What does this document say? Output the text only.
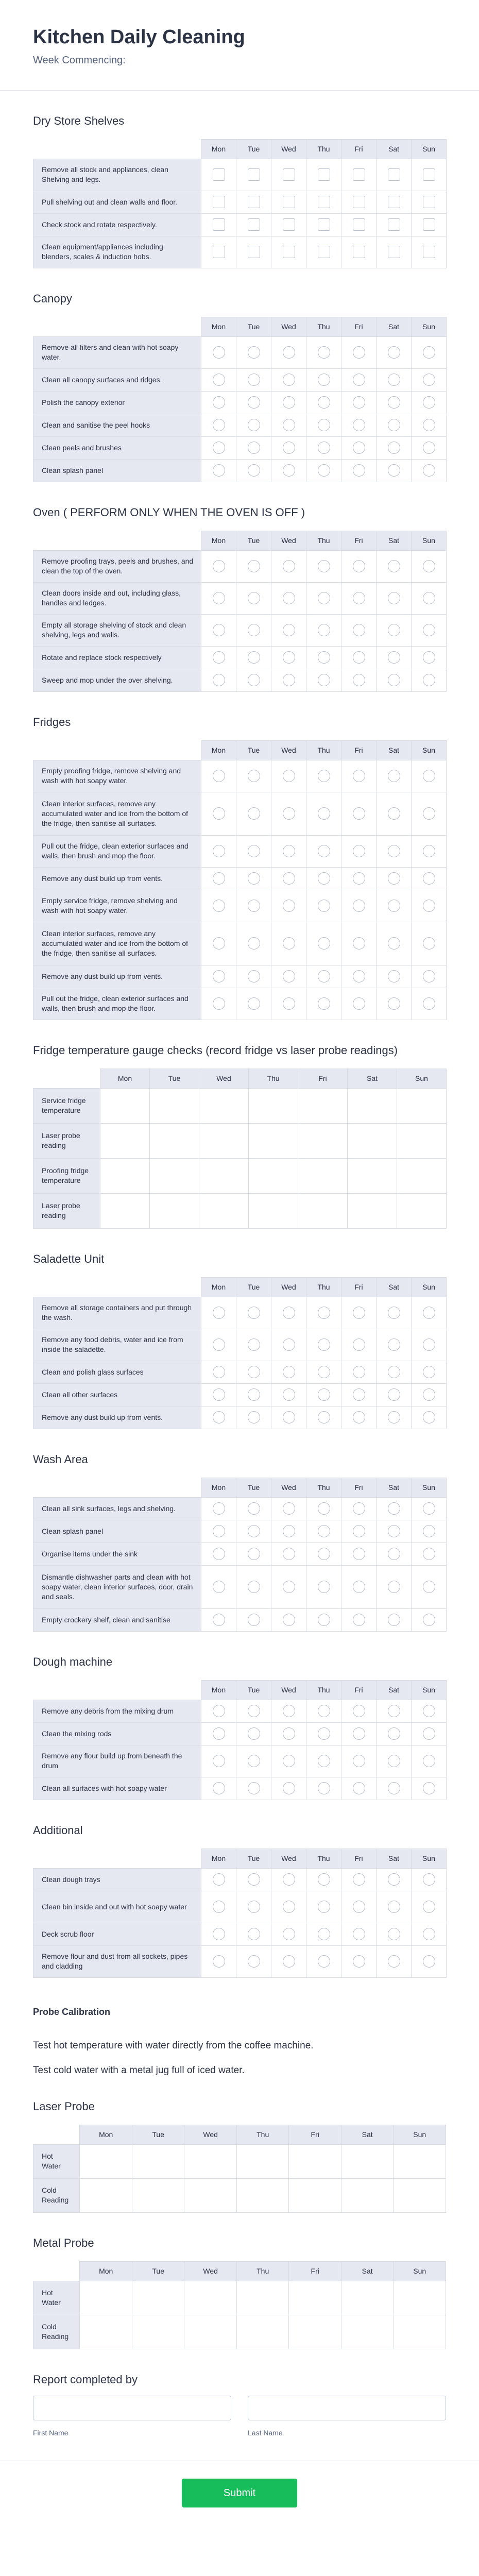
Kitchen Daily Cleaning
Week Commencing:
Dry Store Shelves
	Mon	Tue	Wed	Thu	Fri	Sat	Sun
Remove all stock and appliances, clean Shelving and legs.							
Pull shelving out and clean walls and floor.							
Check stock and rotate respectively.							
Clean equipment/appliances including blenders, scales & induction hobs.							
Canopy
	Mon	Tue	Wed	Thu	Fri	Sat	Sun
Remove all filters and clean with hot soapy water.							
Clean all canopy surfaces and ridges.							
Polish the canopy exterior							
Clean and sanitise the peel hooks							
Clean peels and brushes							
Clean splash panel							
Oven ( PERFORM ONLY WHEN THE OVEN IS OFF )
	Mon	Tue	Wed	Thu	Fri	Sat	Sun
Remove proofing trays, peels and brushes, and clean the top of the oven.							
Clean doors inside and out, including glass, handles and ledges.							
Empty all storage shelving of stock and clean shelving, legs and walls.							
Rotate and replace stock respectively							
Sweep and mop under the over shelving.							
Fridges
	Mon	Tue	Wed	Thu	Fri	Sat	Sun
Empty proofing fridge, remove shelving and wash with hot soapy water.							
Clean interior surfaces, remove any accumulated water and ice from the bottom of the fridge, then sanitise all surfaces.							
Pull out the fridge, clean exterior surfaces and walls, then brush and mop the floor.							
Remove any dust build up from vents.							
Empty service fridge, remove shelving and wash with hot soapy water.							
Clean interior surfaces, remove any accumulated water and ice from the bottom of the fridge, then sanitise all surfaces.							
Remove any dust build up from vents.							
Pull out the fridge, clean exterior surfaces and walls, then brush and mop the floor.							
Fridge temperature gauge checks (record fridge vs laser probe readings)
	Mon	Tue	Wed	Thu	Fri	Sat	Sun
Service fridge temperature							
Laser probe reading							
Proofing fridge temperature							
Laser probe reading							
Saladette Unit
	Mon	Tue	Wed	Thu	Fri	Sat	Sun
Remove all storage containers and put through the wash.							
Remove any food debris, water and ice from inside the saladette.							
Clean and polish glass surfaces							
Clean all other surfaces							
Remove any dust build up from vents.							
Wash Area
	Mon	Tue	Wed	Thu	Fri	Sat	Sun
Clean all sink surfaces, legs and shelving.							
Clean splash panel							
Organise items under the sink							
Dismantle dishwasher parts and clean with hot soapy water, clean interior surfaces, door, drain and seals.							
Empty crockery shelf, clean and sanitise							
Dough machine
	Mon	Tue	Wed	Thu	Fri	Sat	Sun
Remove any debris from the mixing drum							
Clean the mixing rods							
Remove any flour build up from beneath the drum							
Clean all surfaces with hot soapy water							
Additional
	Mon	Tue	Wed	Thu	Fri	Sat	Sun
Clean dough trays							
Clean bin inside and out with hot soapy water							
Deck scrub floor							
Remove flour and dust from all sockets, pipes and cladding							
Probe Calibration
Test hot temperature with water directly from the coffee machine.
Test cold water with a metal jug full of iced water.
Laser Probe
	Mon	Tue	Wed	Thu	Fri	Sat	Sun
Hot Water							
Cold Reading							
Metal Probe
	Mon	Tue	Wed	Thu	Fri	Sat	Sun
Hot Water							
Cold Reading							
Report completed by
First Name	Last Name
Submit
